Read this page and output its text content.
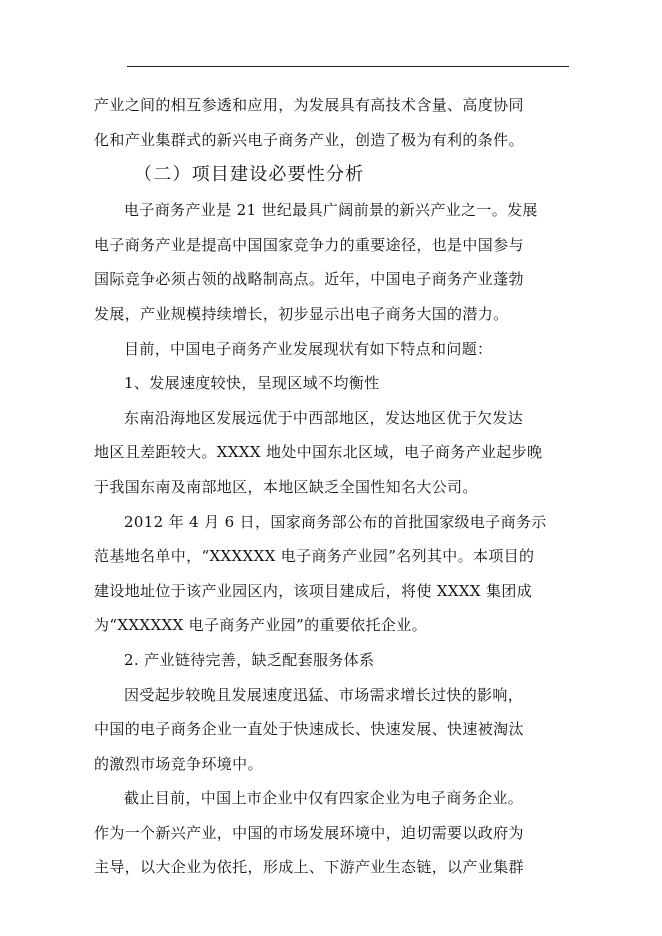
产业之间的相互参透和应用，为发展具有高技术含量、高度协同
化和产业集群式的新兴电子商务产业，创造了极为有利的条件。
（二）项目建设必要性分析
电子商务产业是 21 世纪最具广阔前景的新兴产业之一。发展
电子商务产业是提高中国国家竞争力的重要途径，也是中国参与
国际竞争必须占领的战略制高点。近年，中国电子商务产业蓬勃
发展，产业规模持续增长，初步显示出电子商务大国的潜力。
目前，中国电子商务产业发展现状有如下特点和问题：
1、发展速度较快，呈现区域不均衡性
东南沿海地区发展远优于中西部地区，发达地区优于欠发达
地区且差距较大。XXXX 地处中国东北区域，电子商务产业起步晚
于我国东南及南部地区，本地区缺乏全国性知名大公司。
2012 年 4 月 6 日，国家商务部公布的首批国家级电子商务示
范基地名单中，“XXXXXX 电子商务产业园”名列其中。本项目的
建设地址位于该产业园区内，该项目建成后，将使 XXXX 集团成
为“XXXXXX 电子商务产业园”的重要依托企业。
2. 产业链待完善，缺乏配套服务体系
因受起步较晚且发展速度迅猛、市场需求增长过快的影响，
中国的电子商务企业一直处于快速成长、快速发展、快速被淘汰
的激烈市场竞争环境中。
截止目前，中国上市企业中仅有四家企业为电子商务企业。
作为一个新兴产业，中国的市场发展环境中，迫切需要以政府为
主导，以大企业为依托，形成上、下游产业生态链，以产业集群
